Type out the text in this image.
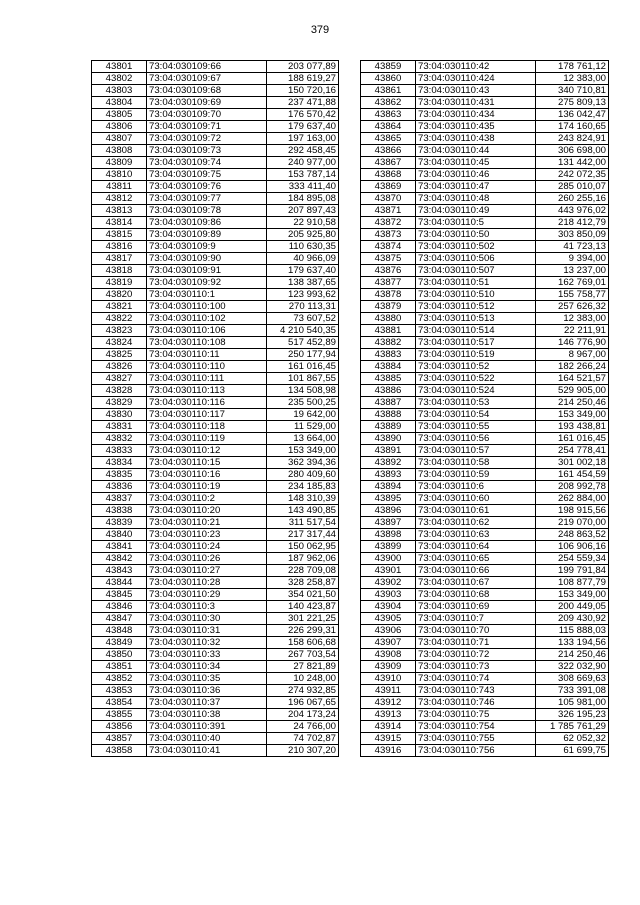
379
43801	73:04:030109:66	203 077,89
43802	73:04:030109:67	188 619,27
43803	73:04:030109:68	150 720,16
43804	73:04:030109:69	237 471,88
43805	73:04:030109:70	176 570,42
43806	73:04:030109:71	179 637,40
43807	73:04:030109:72	197 163,00
43808	73:04:030109:73	292 458,45
43809	73:04:030109:74	240 977,00
43810	73:04:030109:75	153 787,14
43811	73:04:030109:76	333 411,40
43812	73:04:030109:77	184 895,08
43813	73:04:030109:78	207 897,43
43814	73:04:030109:86	22 910,58
43815	73:04:030109:89	205 925,80
43816	73:04:030109:9	110 630,35
43817	73:04:030109:90	40 966,09
43818	73:04:030109:91	179 637,40
43819	73:04:030109:92	138 387,65
43820	73:04:030110:1	123 993,62
43821	73:04:030110:100	270 113,31
43822	73:04:030110:102	73 607,52
43823	73:04:030110:106	4 210 540,35
43824	73:04:030110:108	517 452,89
43825	73:04:030110:11	250 177,94
43826	73:04:030110:110	161 016,45
43827	73:04:030110:111	101 867,55
43828	73:04:030110:113	134 508,98
43829	73:04:030110:116	235 500,25
43830	73:04:030110:117	19 642,00
43831	73:04:030110:118	11 529,00
43832	73:04:030110:119	13 664,00
43833	73:04:030110:12	153 349,00
43834	73:04:030110:15	362 394,36
43835	73:04:030110:16	280 409,60
43836	73:04:030110:19	234 185,83
43837	73:04:030110:2	148 310,39
43838	73:04:030110:20	143 490,85
43839	73:04:030110:21	311 517,54
43840	73:04:030110:23	217 317,44
43841	73:04:030110:24	150 062,95
43842	73:04:030110:26	187 962,06
43843	73:04:030110:27	228 709,08
43844	73:04:030110:28	328 258,87
43845	73:04:030110:29	354 021,50
43846	73:04:030110:3	140 423,87
43847	73:04:030110:30	301 221,25
43848	73:04:030110:31	226 299,31
43849	73:04:030110:32	158 606,68
43850	73:04:030110:33	267 703,54
43851	73:04:030110:34	27 821,89
43852	73:04:030110:35	10 248,00
43853	73:04:030110:36	274 932,85
43854	73:04:030110:37	196 067,65
43855	73:04:030110:38	204 173,24
43856	73:04:030110:391	24 766,00
43857	73:04:030110:40	74 702,87
43858	73:04:030110:41	210 307,20
43859	73:04:030110:42	178 761,12
43860	73:04:030110:424	12 383,00
43861	73:04:030110:43	340 710,81
43862	73:04:030110:431	275 809,13
43863	73:04:030110:434	136 042,47
43864	73:04:030110:435	174 160,65
43865	73:04:030110:438	243 824,91
43866	73:04:030110:44	306 698,00
43867	73:04:030110:45	131 442,00
43868	73:04:030110:46	242 072,35
43869	73:04:030110:47	285 010,07
43870	73:04:030110:48	260 255,16
43871	73:04:030110:49	443 976,02
43872	73:04:030110:5	218 412,79
43873	73:04:030110:50	303 850,09
43874	73:04:030110:502	41 723,13
43875	73:04:030110:506	9 394,00
43876	73:04:030110:507	13 237,00
43877	73:04:030110:51	162 769,01
43878	73:04:030110:510	155 758,77
43879	73:04:030110:512	257 626,32
43880	73:04:030110:513	12 383,00
43881	73:04:030110:514	22 211,91
43882	73:04:030110:517	146 776,90
43883	73:04:030110:519	8 967,00
43884	73:04:030110:52	182 266,24
43885	73:04:030110:522	164 521,57
43886	73:04:030110:524	529 905,00
43887	73:04:030110:53	214 250,46
43888	73:04:030110:54	153 349,00
43889	73:04:030110:55	193 438,81
43890	73:04:030110:56	161 016,45
43891	73:04:030110:57	254 778,41
43892	73:04:030110:58	301 002,18
43893	73:04:030110:59	161 454,59
43894	73:04:030110:6	208 992,78
43895	73:04:030110:60	262 884,00
43896	73:04:030110:61	198 915,56
43897	73:04:030110:62	219 070,00
43898	73:04:030110:63	248 863,52
43899	73:04:030110:64	106 906,16
43900	73:04:030110:65	254 559,34
43901	73:04:030110:66	199 791,84
43902	73:04:030110:67	108 877,79
43903	73:04:030110:68	153 349,00
43904	73:04:030110:69	200 449,05
43905	73:04:030110:7	209 430,92
43906	73:04:030110:70	115 888,03
43907	73:04:030110:71	133 194,56
43908	73:04:030110:72	214 250,46
43909	73:04:030110:73	322 032,90
43910	73:04:030110:74	308 669,63
43911	73:04:030110:743	733 391,08
43912	73:04:030110:746	105 981,00
43913	73:04:030110:75	326 195,23
43914	73:04:030110:754	1 785 761,29
43915	73:04:030110:755	62 052,32
43916	73:04:030110:756	61 699,75
